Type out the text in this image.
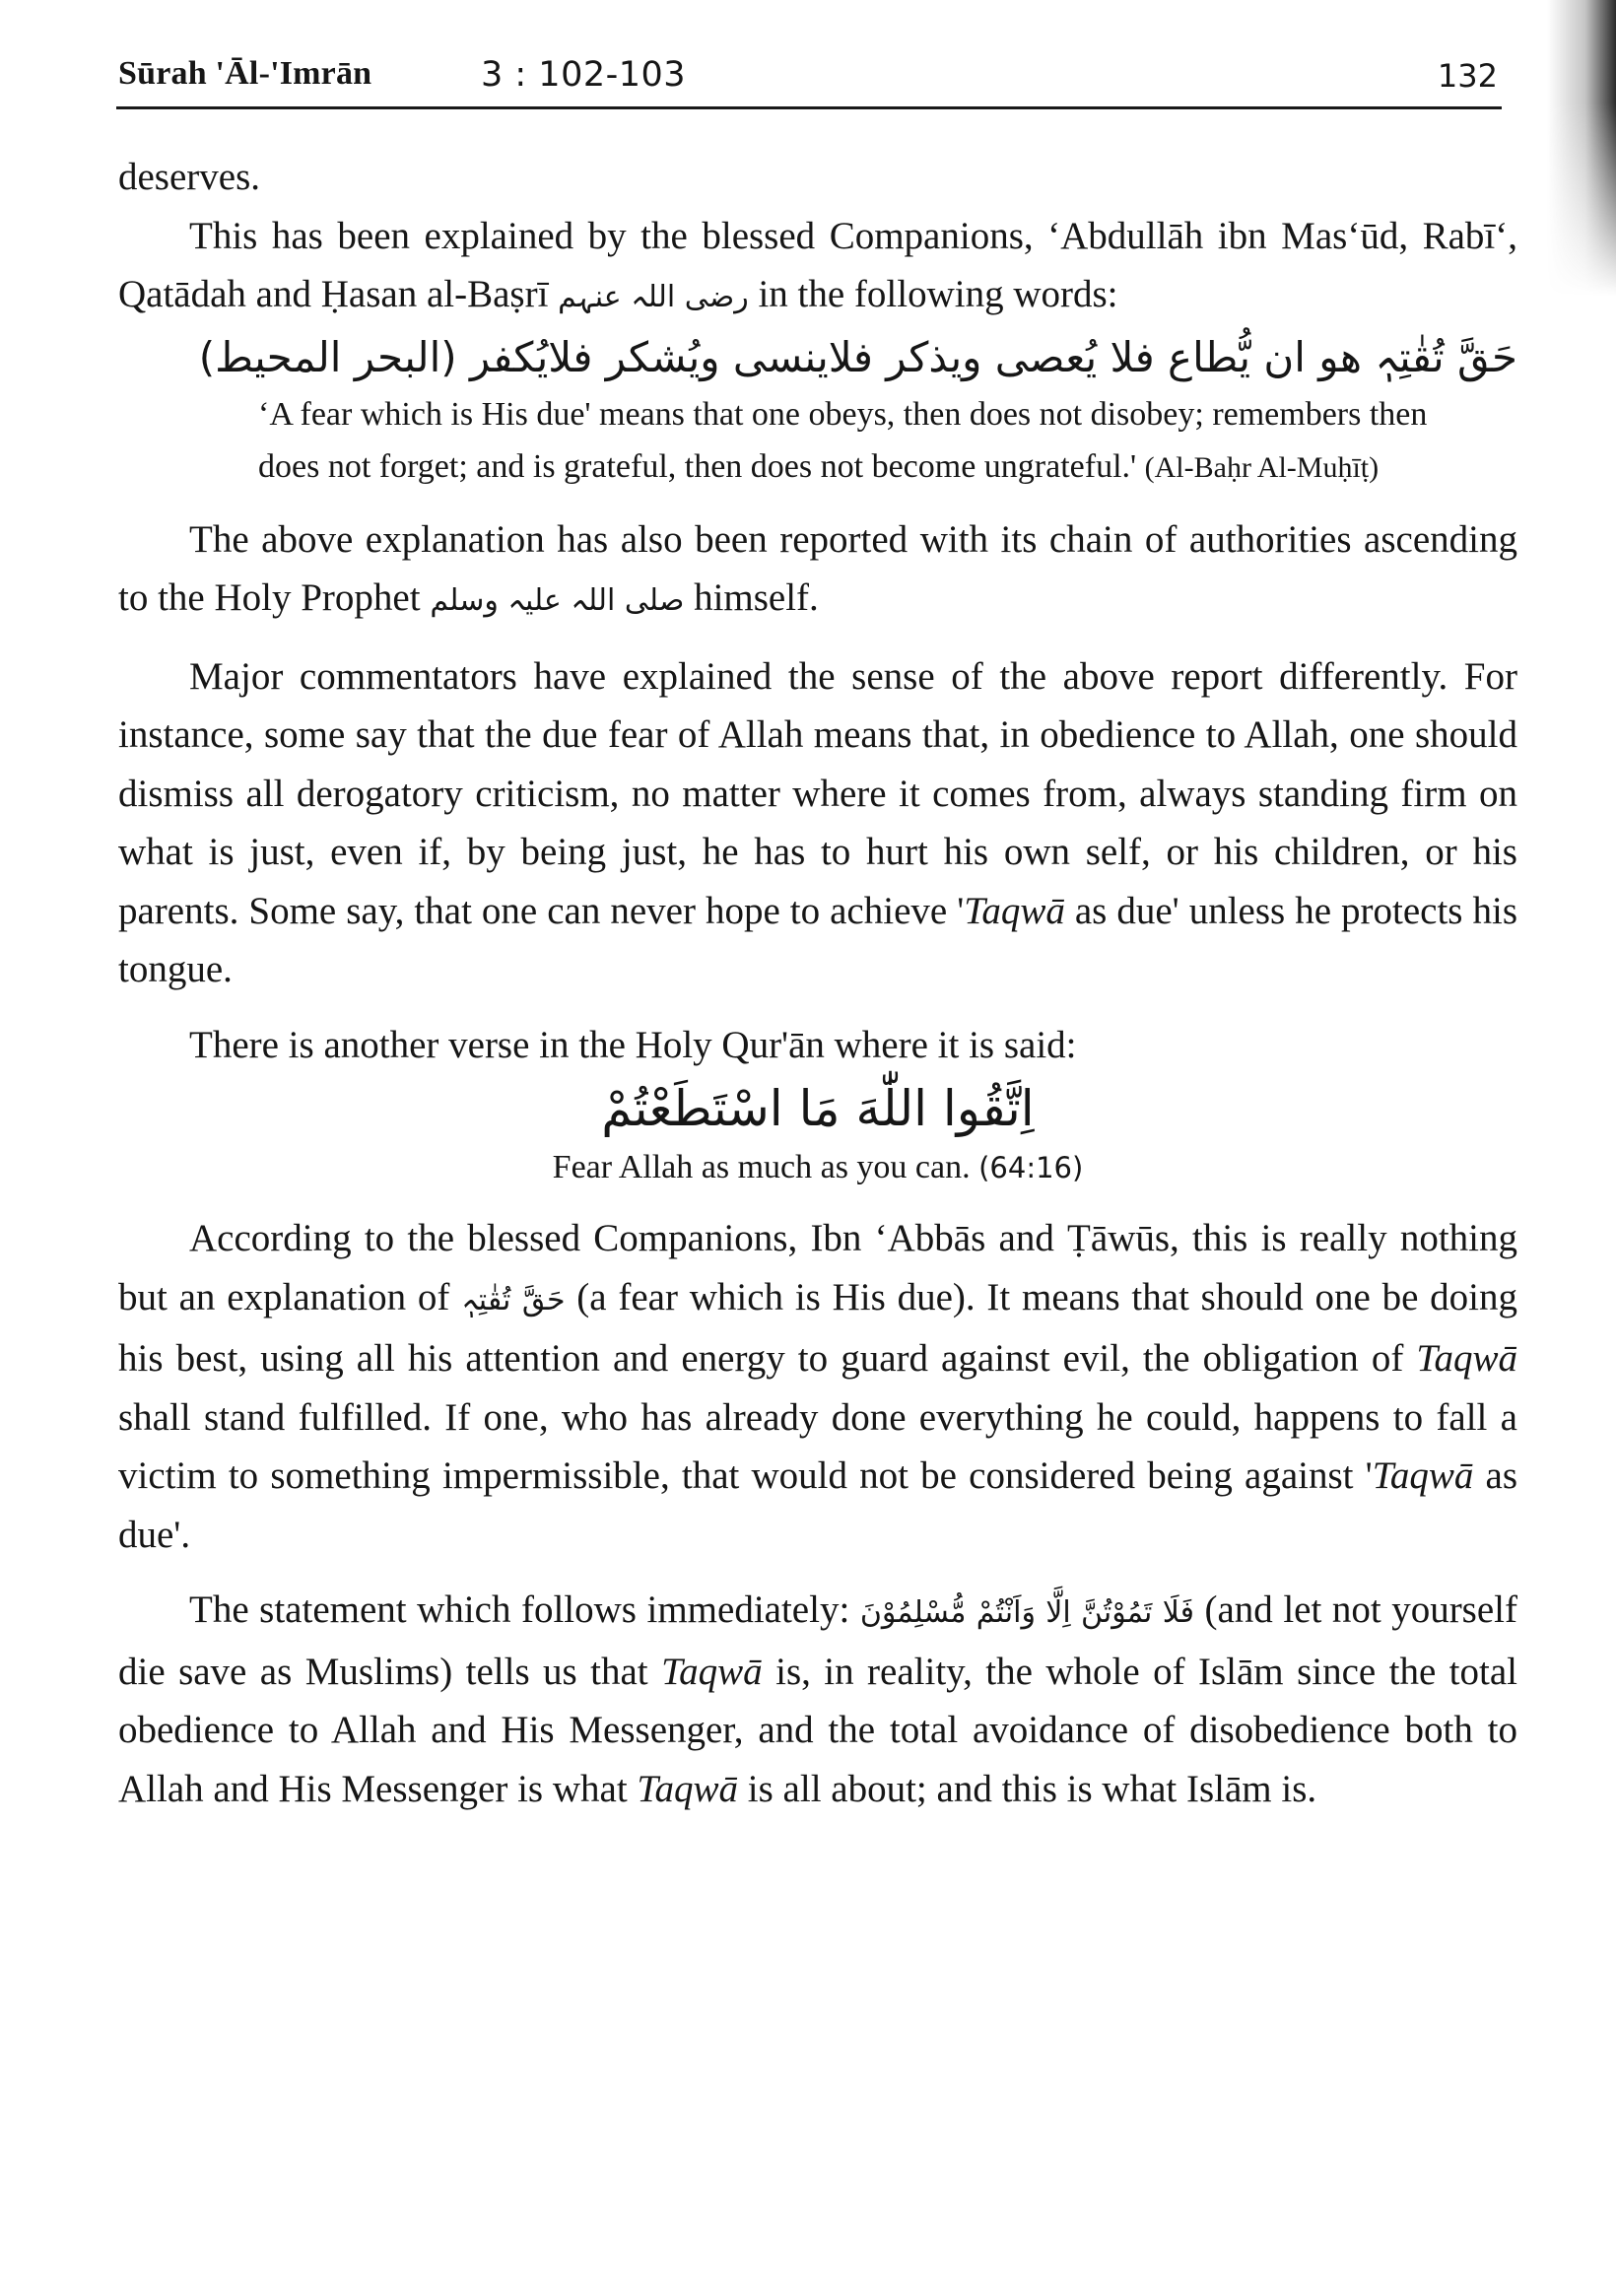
Sūrah 'Āl-'Imrān	3 : 102-103	132

deserves.

This has been explained by the blessed Companions, ‘Abdullāh ibn Mas‘ūd, Rabī‘, Qatādah and Ḥasan al-Baṣrī رضی اللہ عنہم in the following words:

حَقَّ تُقٰتِہٖ هو ان يُّطاع فلا يُعصى ويذكر فلاينسى ويُشكر فلايُكفر (البحر المحيط)

‘A fear which is His due' means that one obeys, then does not disobey; remembers then does not forget; and is grateful, then does not become ungrateful.' (Al-Baḥr Al-Muḥīṭ)

The above explanation has also been reported with its chain of authorities ascending to the Holy Prophet صلی اللہ علیہ وسلم himself.

Major commentators have explained the sense of the above report differently. For instance, some say that the due fear of Allah means that, in obedience to Allah, one should dismiss all derogatory criticism, no matter where it comes from, always standing firm on what is just, even if, by being just, he has to hurt his own self, or his children, or his parents. Some say, that one can never hope to achieve 'Taqwā as due' unless he protects his tongue.

There is another verse in the Holy Qur'ān where it is said:

اِتَّقُوا اللّٰهَ مَا اسْتَطَعْتُمْ

Fear Allah as much as you can. (64:16)

According to the blessed Companions, Ibn ‘Abbās and Ṭāwūs, this is really nothing but an explanation of حَقَّ تُقٰتِہٖ (a fear which is His due). It means that should one be doing his best, using all his attention and energy to guard against evil, the obligation of Taqwā shall stand fulfilled. If one, who has already done everything he could, happens to fall a victim to something impermissible, that would not be considered being against 'Taqwā as due'.

The statement which follows immediately: فَلَا تَمُوْتُنَّ اِلَّا وَاَنْتُمْ مُّسْلِمُوْنَ (and let not yourself die save as Muslims) tells us that Taqwā is, in reality, the whole of Islām since the total obedience to Allah and His Messenger, and the total avoidance of disobedience both to Allah and His Messenger is what Taqwā is all about; and this is what Islām is.
